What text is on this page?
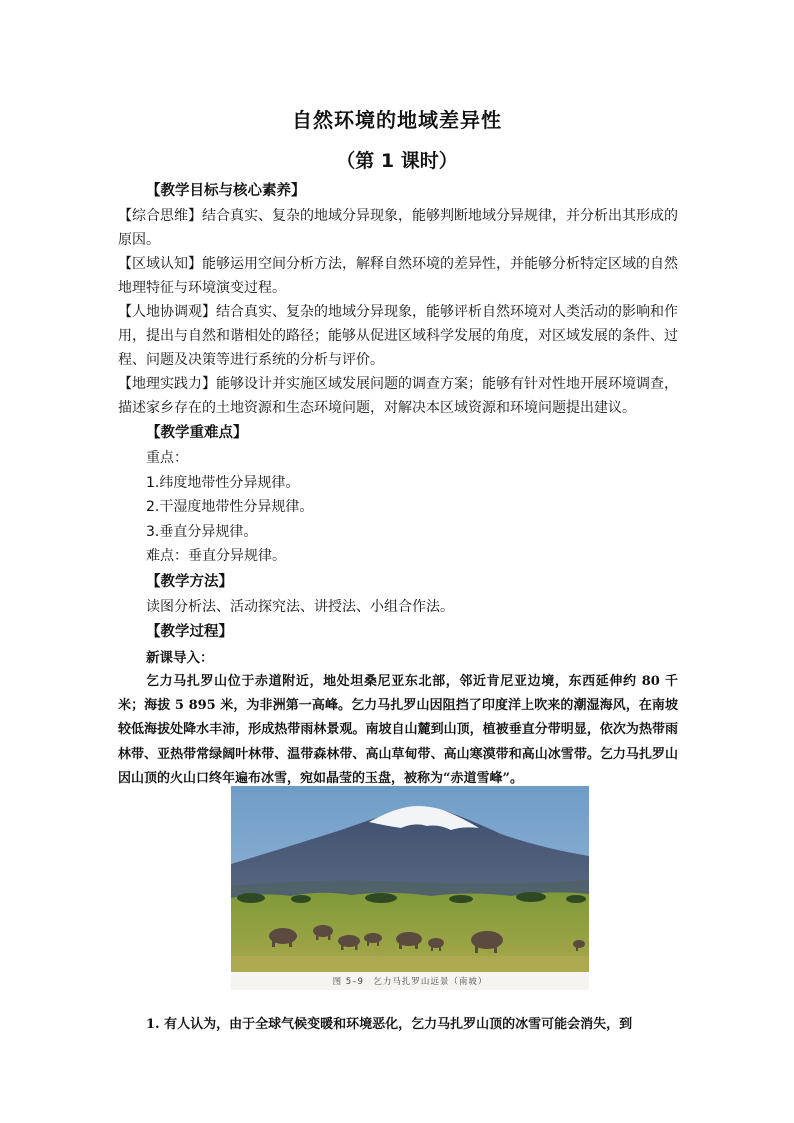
自然环境的地域差异性
（第 1 课时）
【教学目标与核心素养】
【综合思维】结合真实、复杂的地域分异现象，能够判断地域分异规律，并分析出其形成的原因。
【区域认知】能够运用空间分析方法，解释自然环境的差异性，并能够分析特定区域的自然地理特征与环境演变过程。
【人地协调观】结合真实、复杂的地域分异现象，能够评析自然环境对人类活动的影响和作用，提出与自然和谐相处的路径；能够从促进区域科学发展的角度，对区域发展的条件、过程、问题及决策等进行系统的分析与评价。
【地理实践力】能够设计并实施区域发展问题的调查方案；能够有针对性地开展环境调查，描述家乡存在的土地资源和生态环境问题，对解决本区域资源和环境问题提出建议。
【教学重难点】
重点：
1.纬度地带性分异规律。
2.干湿度地带性分异规律。
3.垂直分异规律。
难点：垂直分异规律。
【教学方法】
读图分析法、活动探究法、讲授法、小组合作法。
【教学过程】
新课导入：
乞力马扎罗山位于赤道附近，地处坦桑尼亚东北部，邻近肯尼亚边境，东西延伸约 80 千米；海拔 5 895 米，为非洲第一高峰。乞力马扎罗山因阻挡了印度洋上吹来的潮湿海风，在南坡较低海拔处降水丰沛，形成热带雨林景观。南坡自山麓到山顶，植被垂直分带明显，依次为热带雨林带、亚热带常绿阔叶林带、温带森林带、高山草甸带、高山寒漠带和高山冰雪带。乞力马扎罗山因山顶的火山口终年遍布冰雪，宛如晶莹的玉盘，被称为“赤道雪峰”。
图 5–9　乞力马扎罗山远景（南坡）
1. 有人认为，由于全球气候变暖和环境恶化，乞力马扎罗山顶的冰雪可能会消失，到
